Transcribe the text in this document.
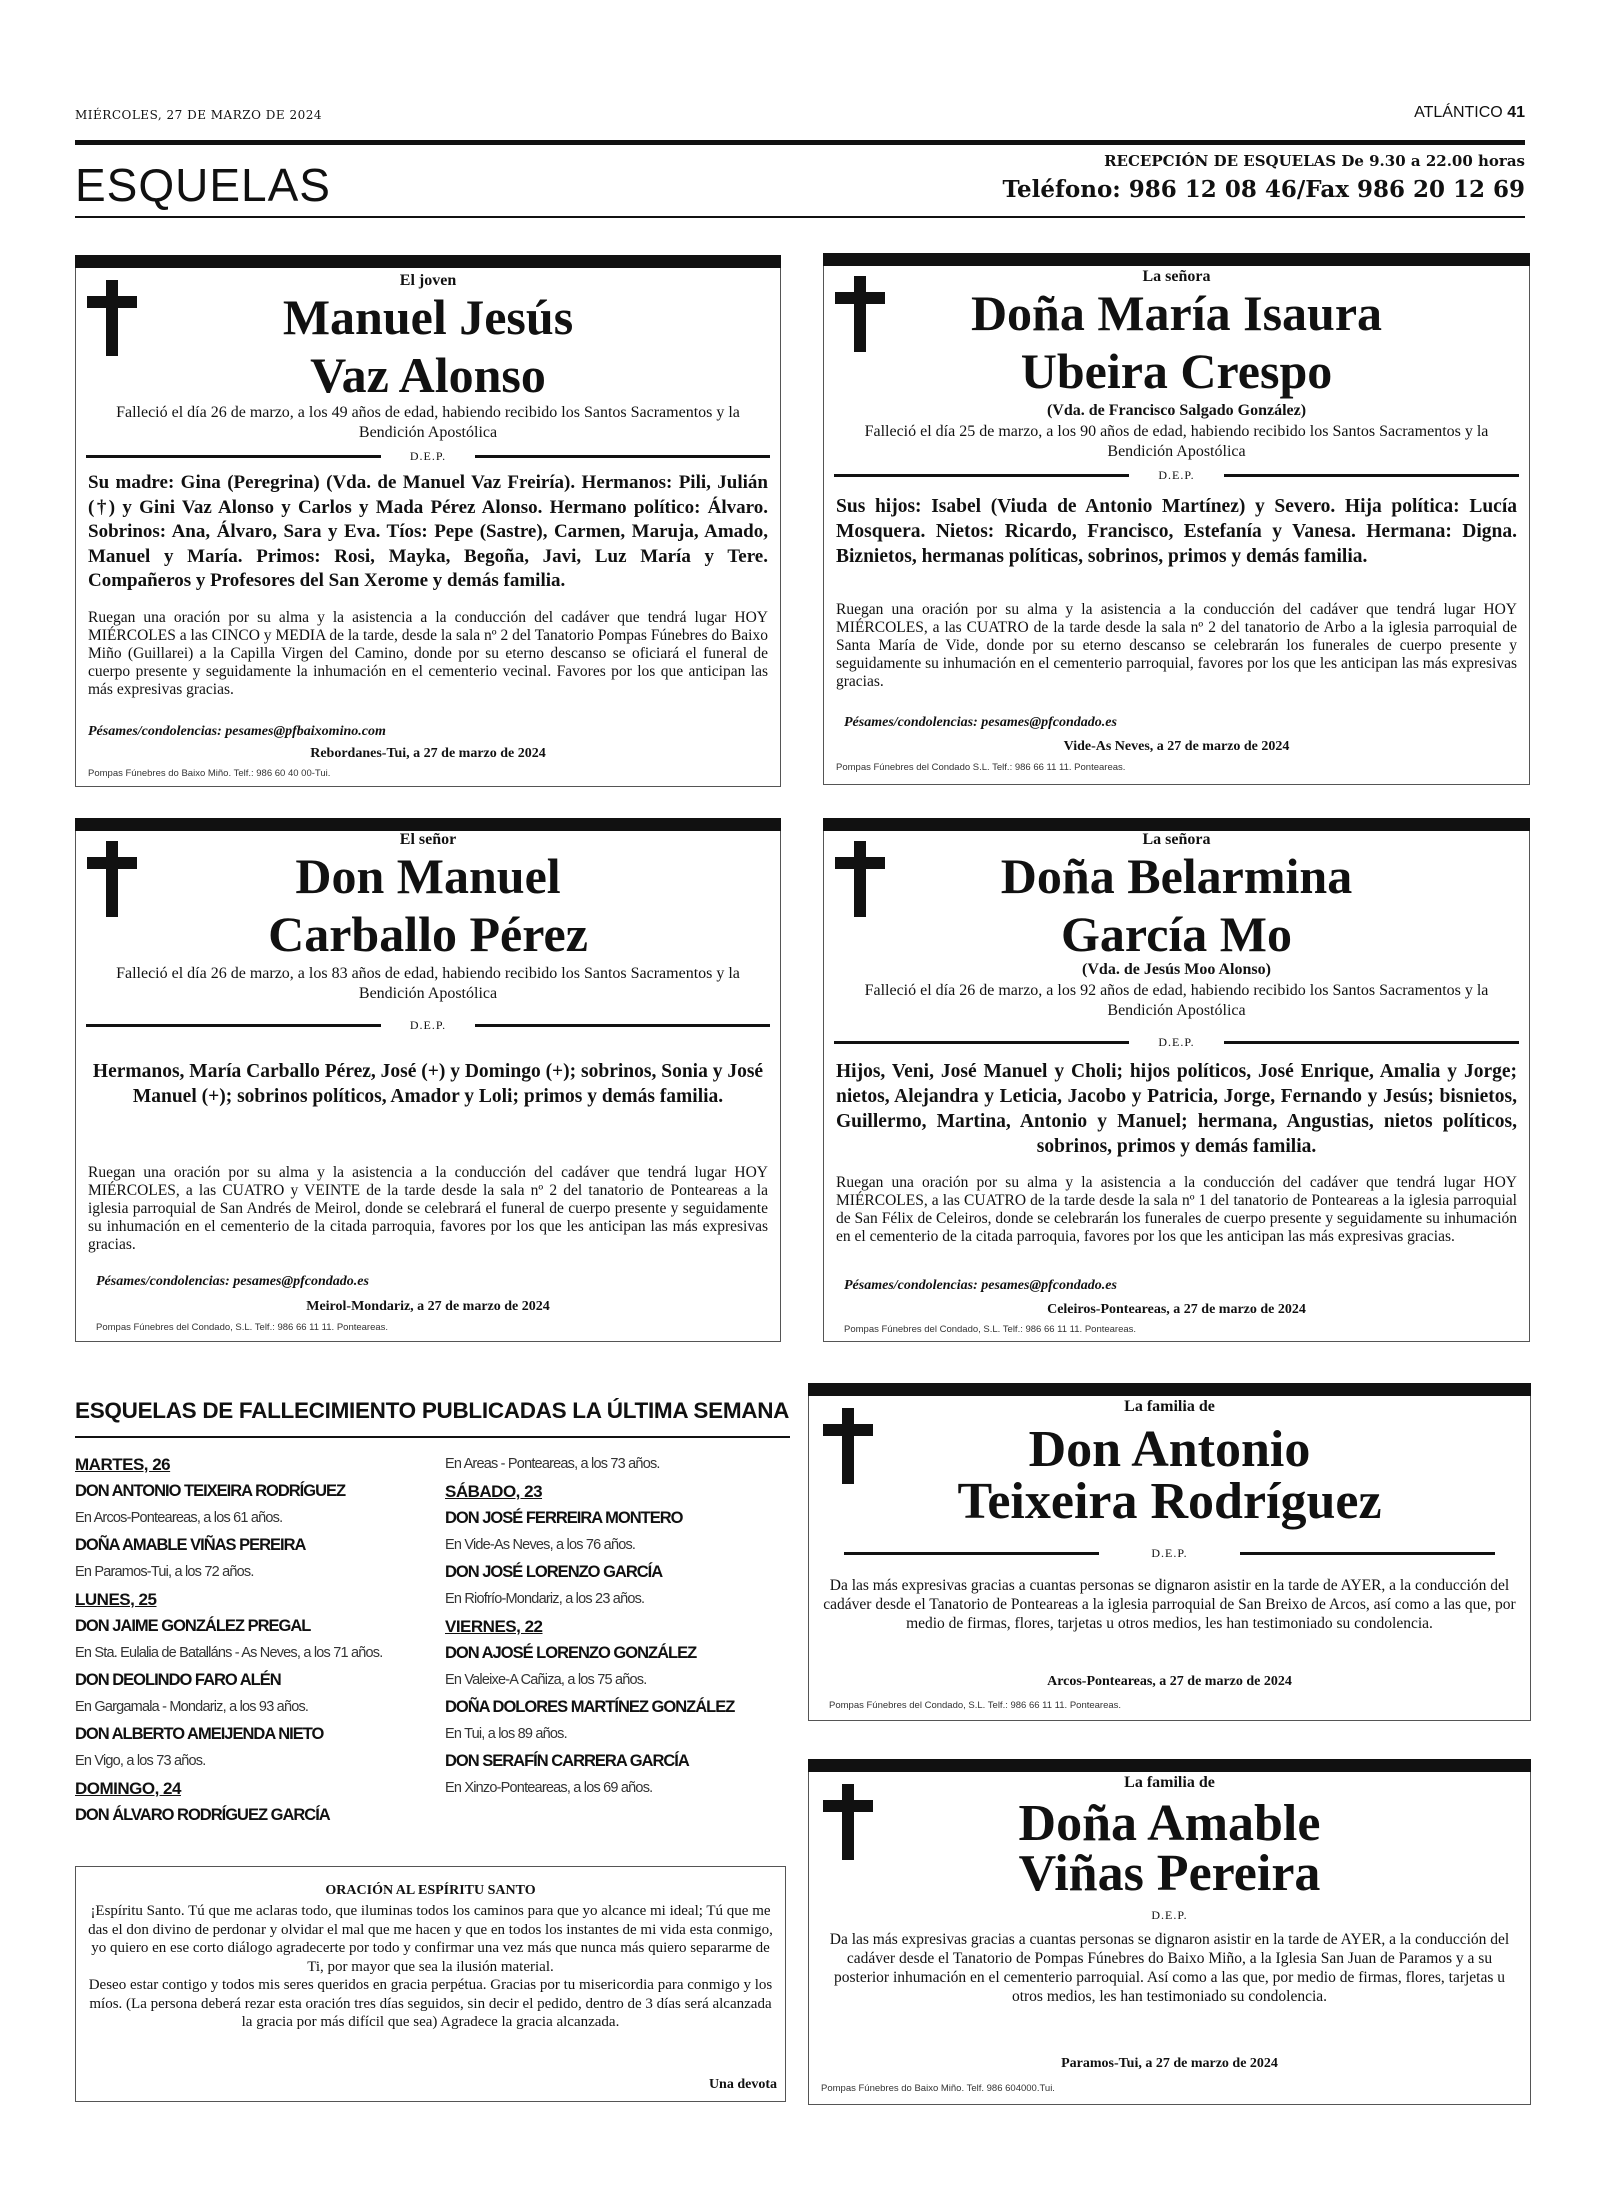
MIÉRCOLES, 27 DE MARZO DE 2024	ATLÁNTICO 41
ESQUELAS	RECEPCIÓN DE ESQUELAS De 9.30 a 22.00 horas
Teléfono: 986 12 08 46/Fax 986 20 12 69
El joven
Manuel Jesús
Vaz Alonso
Falleció el día 26 de marzo, a los 49 años de edad, habiendo recibido los Santos Sacramentos y la Bendición Apostólica
D.E.P.
Su madre: Gina (Peregrina) (Vda. de Manuel Vaz Freiría). Hermanos: Pili, Julián (†) y Gini Vaz Alonso y Carlos y Mada Pérez Alonso. Hermano político: Álvaro. Sobrinos: Ana, Álvaro, Sara y Eva. Tíos: Pepe (Sastre), Carmen, Maruja, Amado, Manuel y María. Primos: Rosi, Mayka, Begoña, Javi, Luz María y Tere. Compañeros y Profesores del San Xerome y demás familia.
Ruegan una oración por su alma y la asistencia a la conducción del cadáver que tendrá lugar HOY MIÉRCOLES a las CINCO y MEDIA de la tarde, desde la sala nº 2 del Tanatorio Pompas Fúnebres do Baixo Miño (Guillarei) a la Capilla Virgen del Camino, donde por su eterno descanso se oficiará el funeral de cuerpo presente y seguidamente la inhumación en el cementerio vecinal. Favores por los que anticipan las más expresivas gracias.
Pésames/condolencias: pesames@pfbaixomino.com
Rebordanes-Tui, a 27 de marzo de 2024
Pompas Fúnebres do Baixo Miño. Telf.: 986 60 40 00-Tui.
La señora
Doña María Isaura
Ubeira Crespo
(Vda. de Francisco Salgado González)
Falleció el día 25 de marzo, a los 90 años de edad, habiendo recibido los Santos Sacramentos y la Bendición Apostólica
D.E.P.
Sus hijos: Isabel (Viuda de Antonio Martínez) y Severo. Hija política: Lucía Mosquera. Nietos: Ricardo, Francisco, Estefanía y Vanesa. Hermana: Digna. Biznietos, hermanas políticas, sobrinos, primos y demás familia.
Ruegan una oración por su alma y la asistencia a la conducción del cadáver que tendrá lugar HOY MIÉRCOLES, a las CUATRO de la tarde desde la sala nº 2 del tanatorio de Arbo a la iglesia parroquial de Santa María de Vide, donde por su eterno descanso se celebrarán los funerales de cuerpo presente y seguidamente su inhumación en el cementerio parroquial, favores por los que les anticipan las más expresivas gracias.
Pésames/condolencias: pesames@pfcondado.es
Vide-As Neves, a 27 de marzo de 2024
Pompas Fúnebres del Condado S.L. Telf.: 986 66 11 11. Ponteareas.
El señor
Don Manuel
Carballo Pérez
Falleció el día 26 de marzo, a los 83 años de edad, habiendo recibido los Santos Sacramentos y la Bendición Apostólica
D.E.P.
Hermanos, María Carballo Pérez, José (+) y Domingo (+); sobrinos, Sonia y José Manuel (+); sobrinos políticos, Amador y Loli; primos y demás familia.
Ruegan una oración por su alma y la asistencia a la conducción del cadáver que tendrá lugar HOY MIÉRCOLES, a las CUATRO y VEINTE de la tarde desde la sala nº 2 del tanatorio de Ponteareas a la iglesia parroquial de San Andrés de Meirol, donde se celebrará el funeral de cuerpo presente y seguidamente su inhumación en el cementerio de la citada parroquia, favores por los que les anticipan las más expresivas gracias.
Pésames/condolencias: pesames@pfcondado.es
Meirol-Mondariz, a 27 de marzo de 2024
Pompas Fúnebres del Condado, S.L. Telf.: 986 66 11 11. Ponteareas.
La señora
Doña Belarmina
García Mo
(Vda. de Jesús Moo Alonso)
Falleció el día 26 de marzo, a los 92 años de edad, habiendo recibido los Santos Sacramentos y la Bendición Apostólica
D.E.P.
Hijos, Veni, José Manuel y Choli; hijos políticos, José Enrique, Amalia y Jorge; nietos, Alejandra y Leticia, Jacobo y Patricia, Jorge, Fernando y Jesús; bisnietos, Guillermo, Martina, Antonio y Manuel; hermana, Angustias, nietos políticos, sobrinos, primos y demás familia.
Ruegan una oración por su alma y la asistencia a la conducción del cadáver que tendrá lugar HOY MIÉRCOLES, a las CUATRO de la tarde desde la sala nº 1 del tanatorio de Ponteareas a la iglesia parroquial de San Félix de Celeiros, donde se celebrarán los funerales de cuerpo presente y seguidamente su inhumación en el cementerio de la citada parroquia, favores por los que les anticipan las más expresivas gracias.
Pésames/condolencias: pesames@pfcondado.es
Celeiros-Ponteareas, a 27 de marzo de 2024
Pompas Fúnebres del Condado, S.L. Telf.: 986 66 11 11. Ponteareas.
ESQUELAS DE FALLECIMIENTO PUBLICADAS LA ÚLTIMA SEMANA
MARTES, 26
DON ANTONIO TEIXEIRA RODRÍGUEZ
En Arcos-Ponteareas, a los 61 años.
DOÑA AMABLE VIÑAS PEREIRA
En Paramos-Tui, a los 72 años.
LUNES, 25
DON JAIME GONZÁLEZ PREGAL
En Sta. Eulalia de Batalláns - As Neves, a los 71 años.
DON DEOLINDO FARO ALÉN
En Gargamala - Mondariz, a los 93 años.
DON ALBERTO AMEIJENDA NIETO
En Vigo, a los 73 años.
DOMINGO, 24
DON ÁLVARO RODRÍGUEZ GARCÍA
En Areas - Ponteareas, a los 73 años.
SÁBADO, 23
DON JOSÉ FERREIRA MONTERO
En Vide-As Neves, a los 76 años.
DON JOSÉ LORENZO GARCÍA
En Riofrío-Mondariz, a los 23 años.
VIERNES, 22
DON AJOSÉ LORENZO GONZÁLEZ
En Valeixe-A Cañiza, a los 75 años.
DOÑA DOLORES MARTÍNEZ GONZÁLEZ
En Tui, a los 89 años.
DON SERAFÍN CARRERA GARCÍA
En Xinzo-Ponteareas, a los 69 años.
ORACIÓN AL ESPÍRITU SANTO
¡Espíritu Santo. Tú que me aclaras todo, que iluminas todos los caminos para que yo alcance mi ideal; Tú que me das el don divino de perdonar y olvidar el mal que me hacen y que en todos los instantes de mi vida esta conmigo, yo quiero en ese corto diálogo agradecerte por todo y confirmar una vez más que nunca más quiero separarme de Ti, por mayor que sea la ilusión material.
Deseo estar contigo y todos mis seres queridos en gracia perpétua. Gracias por tu misericordia para conmigo y los míos. (La persona deberá rezar esta oración tres días seguidos, sin decir el pedido, dentro de 3 días será alcanzada la gracia por más difícil que sea) Agradece la gracia alcanzada.
Una devota
La familia de
Don Antonio
Teixeira Rodríguez
D.E.P.
Da las más expresivas gracias a cuantas personas se dignaron asistir en la tarde de AYER, a la conducción del cadáver desde el Tanatorio de Ponteareas a la iglesia parroquial de San Breixo de Arcos, así como a las que, por medio de firmas, flores, tarjetas u otros medios, les han testimoniado su condolencia.
Arcos-Ponteareas, a 27 de marzo de 2024
Pompas Fúnebres del Condado, S.L. Telf.: 986 66 11 11. Ponteareas.
La familia de
Doña Amable
Viñas Pereira
D.E.P.
Da las más expresivas gracias a cuantas personas se dignaron asistir en la tarde de AYER, a la conducción del cadáver desde el Tanatorio de Pompas Fúnebres do Baixo Miño, a la Iglesia San Juan de Paramos y a su posterior inhumación en el cementerio parroquial. Así como a las que, por medio de firmas, flores, tarjetas u otros medios, les han testimoniado su condolencia.
Paramos-Tui, a 27 de marzo de 2024
Pompas Fúnebres do Baixo Miño. Telf. 986 604000.Tui.
